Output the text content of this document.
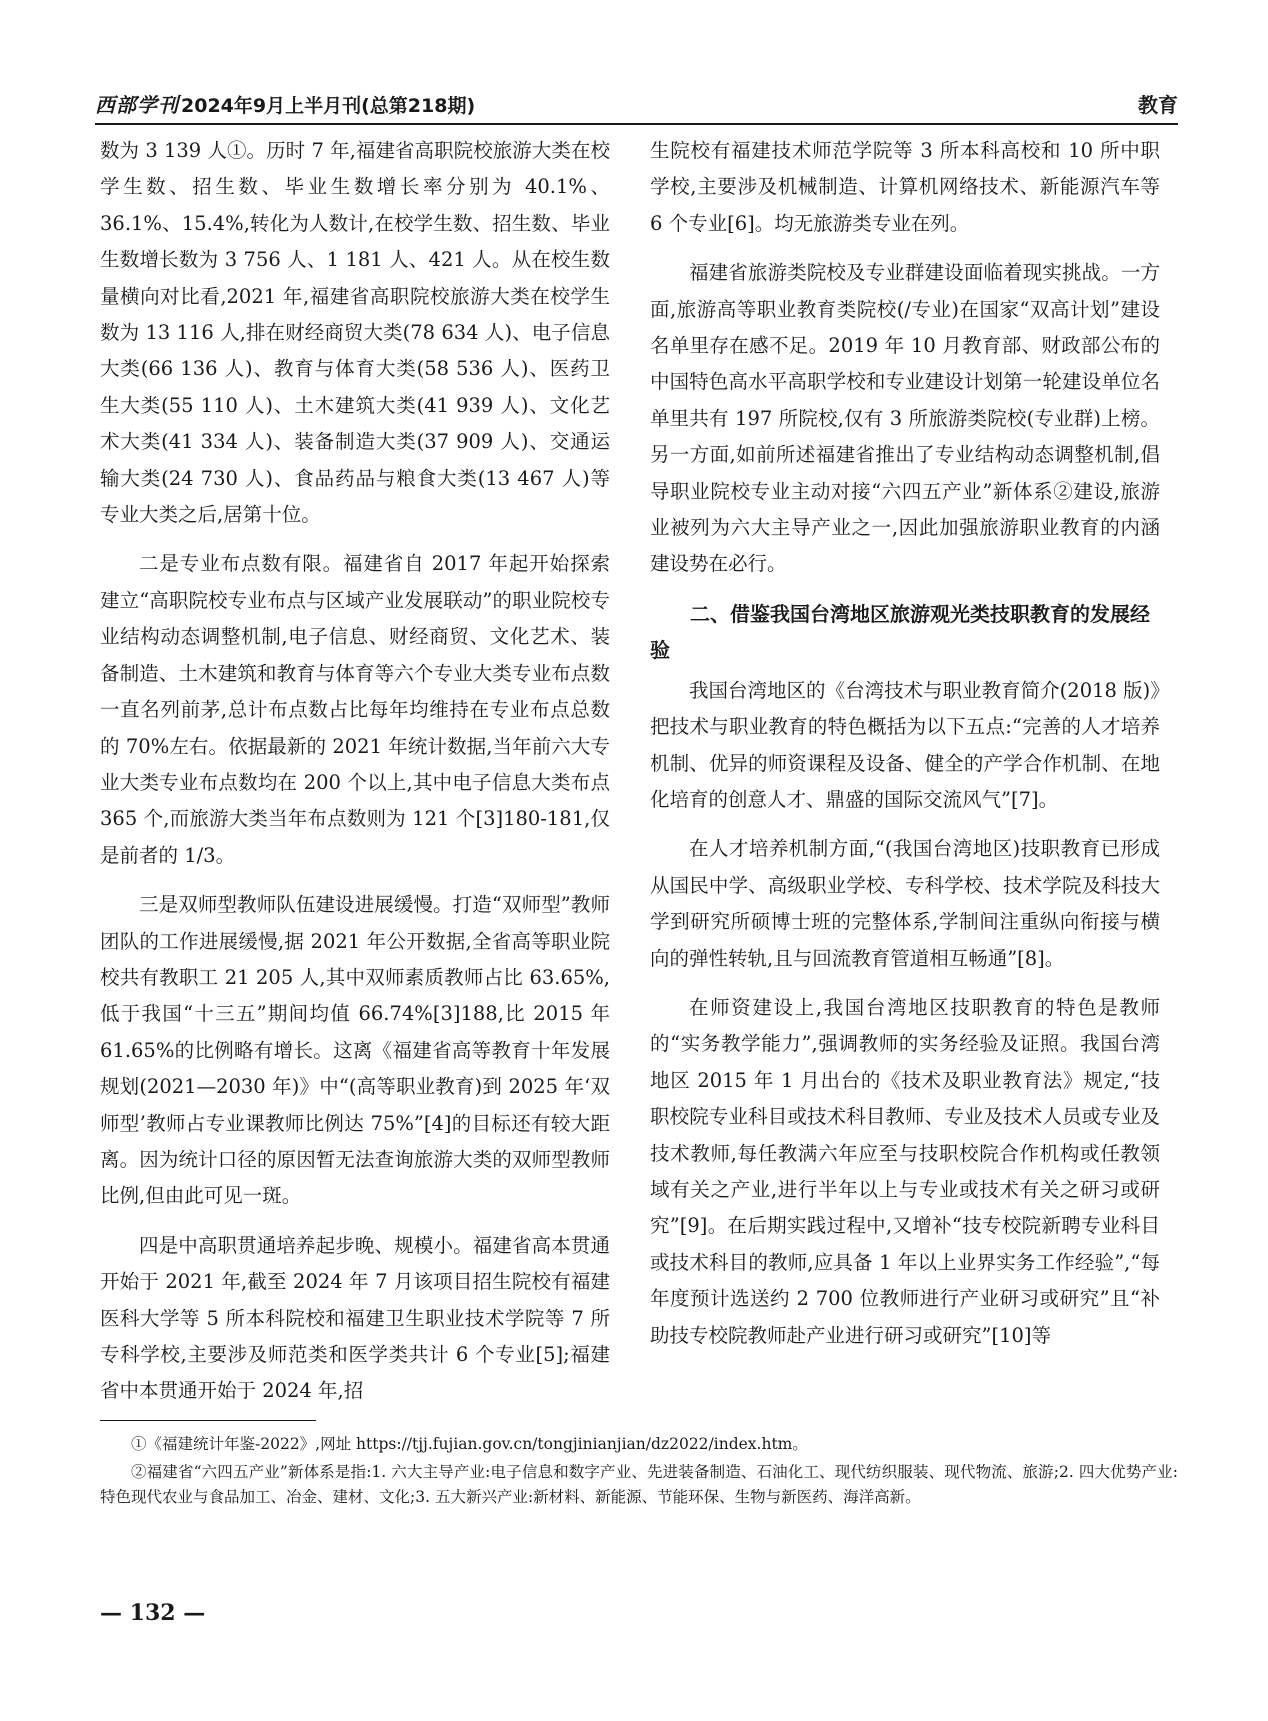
西部学刊 2024年9月上半月刊(总第218期)	教育

数为 3 139 人①。历时 7 年,福建省高职院校旅游大类在校学生数、招生数、毕业生数增长率分别为 40.1%、36.1%、15.4%,转化为人数计,在校学生数、招生数、毕业生数增长数为 3 756 人、1 181 人、421 人。从在校生数量横向对比看,2021 年,福建省高职院校旅游大类在校学生数为 13 116 人,排在财经商贸大类(78 634 人)、电子信息大类(66 136 人)、教育与体育大类(58 536 人)、医药卫生大类(55 110 人)、土木建筑大类(41 939 人)、文化艺术大类(41 334 人)、装备制造大类(37 909 人)、交通运输大类(24 730 人)、食品药品与粮食大类(13 467 人)等专业大类之后,居第十位。

二是专业布点数有限。福建省自 2017 年起开始探索建立“高职院校专业布点与区域产业发展联动”的职业院校专业结构动态调整机制,电子信息、财经商贸、文化艺术、装备制造、土木建筑和教育与体育等六个专业大类专业布点数一直名列前茅,总计布点数占比每年均维持在专业布点总数的 70%左右。依据最新的 2021 年统计数据,当年前六大专业大类专业布点数均在 200 个以上,其中电子信息大类布点 365 个,而旅游大类当年布点数则为 121 个[3]180-181,仅是前者的 1/3。

三是双师型教师队伍建设进展缓慢。打造“双师型”教师团队的工作进展缓慢,据 2021 年公开数据,全省高等职业院校共有教职工 21 205 人,其中双师素质教师占比 63.65%,低于我国“十三五”期间均值 66.74%[3]188,比 2015 年 61.65%的比例略有增长。这离《福建省高等教育十年发展规划(2021—2030 年)》中“(高等职业教育)到 2025 年‘双师型’教师占专业课教师比例达 75%”[4]的目标还有较大距离。因为统计口径的原因暂无法查询旅游大类的双师型教师比例,但由此可见一斑。

四是中高职贯通培养起步晚、规模小。福建省高本贯通开始于 2021 年,截至 2024 年 7 月该项目招生院校有福建医科大学等 5 所本科院校和福建卫生职业技术学院等 7 所专科学校,主要涉及师范类和医学类共计 6 个专业[5];福建省中本贯通开始于 2024 年,招

生院校有福建技术师范学院等 3 所本科高校和 10 所中职学校,主要涉及机械制造、计算机网络技术、新能源汽车等 6 个专业[6]。均无旅游类专业在列。

福建省旅游类院校及专业群建设面临着现实挑战。一方面,旅游高等职业教育类院校(/专业)在国家“双高计划”建设名单里存在感不足。2019 年 10 月教育部、财政部公布的中国特色高水平高职学校和专业建设计划第一轮建设单位名单里共有 197 所院校,仅有 3 所旅游类院校(专业群)上榜。另一方面,如前所述福建省推出了专业结构动态调整机制,倡导职业院校专业主动对接“六四五产业”新体系②建设,旅游业被列为六大主导产业之一,因此加强旅游职业教育的内涵建设势在必行。

二、借鉴我国台湾地区旅游观光类技职教育的发展经验

我国台湾地区的《台湾技术与职业教育简介(2018 版)》把技术与职业教育的特色概括为以下五点:“完善的人才培养机制、优异的师资课程及设备、健全的产学合作机制、在地化培育的创意人才、鼎盛的国际交流风气”[7]。

在人才培养机制方面,“(我国台湾地区)技职教育已形成从国民中学、高级职业学校、专科学校、技术学院及科技大学到研究所硕博士班的完整体系,学制间注重纵向衔接与横向的弹性转轨,且与回流教育管道相互畅通”[8]。

在师资建设上,我国台湾地区技职教育的特色是教师的“实务教学能力”,强调教师的实务经验及证照。我国台湾地区 2015 年 1 月出台的《技术及职业教育法》规定,“技职校院专业科目或技术科目教师、专业及技术人员或专业及技术教师,每任教满六年应至与技职校院合作机构或任教领域有关之产业,进行半年以上与专业或技术有关之研习或研究”[9]。在后期实践过程中,又增补“技专校院新聘专业科目或技术科目的教师,应具备 1 年以上业界实务工作经验”,“每年度预计选送约 2 700 位教师进行产业研习或研究”且“补助技专校院教师赴产业进行研习或研究”[10]等

①《福建统计年鉴-2022》,网址 https://tjj.fujian.gov.cn/tongjinianjian/dz2022/index.htm。

②福建省“六四五产业”新体系是指:1. 六大主导产业:电子信息和数字产业、先进装备制造、石油化工、现代纺织服装、现代物流、旅游;2. 四大优势产业:特色现代农业与食品加工、冶金、建材、文化;3. 五大新兴产业:新材料、新能源、节能环保、生物与新医药、海洋高新。

— 132 —
